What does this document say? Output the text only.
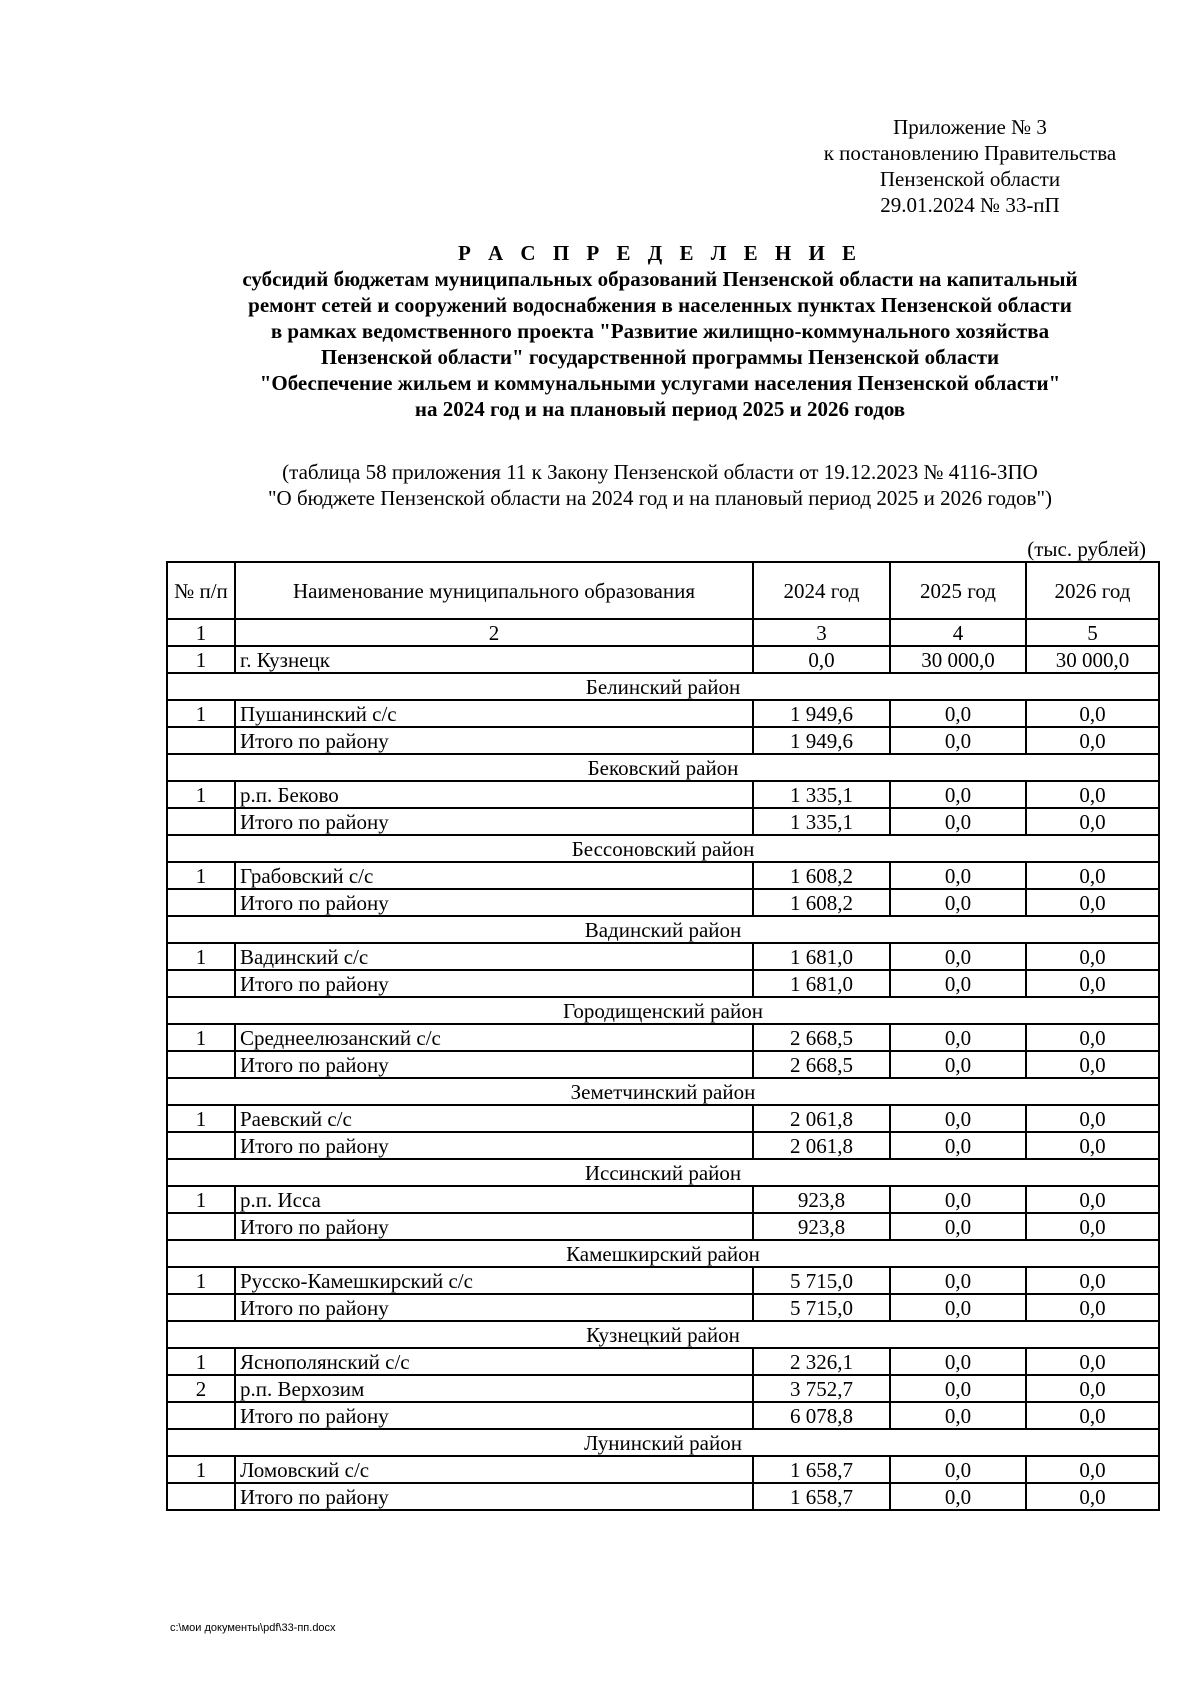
Приложение № 3
к постановлению Правительства
Пензенской области
29.01.2024 № 33-пП
Р А С П Р Е Д Е Л Е Н И Е
субсидий бюджетам муниципальных образований Пензенской области на капитальный
ремонт сетей и сооружений водоснабжения в населенных пунктах Пензенской области
в рамках ведомственного проекта "Развитие жилищно-коммунального хозяйства
Пензенской области" государственной программы Пензенской области
"Обеспечение жильем и коммунальными услугами населения Пензенской области"
на 2024 год и на плановый период 2025 и 2026 годов
(таблица 58 приложения 11 к Закону Пензенской области от 19.12.2023 № 4116-ЗПО
"О бюджете Пензенской области на 2024 год и на плановый период 2025 и 2026 годов")
(тыс. рублей)
№ п/п	Наименование муниципального образования	2024 год	2025 год	2026 год
1	2	3	4	5
1	г. Кузнецк	0,0	30 000,0	30 000,0
Белинский район				
1	Пушанинский с/с	1 949,6	0,0	0,0
	Итого по району	1 949,6	0,0	0,0
Бековский район				
1	р.п. Беково	1 335,1	0,0	0,0
	Итого по району	1 335,1	0,0	0,0
Бессоновский район				
1	Грабовский с/с	1 608,2	0,0	0,0
	Итого по району	1 608,2	0,0	0,0
Вадинский район				
1	Вадинский с/с	1 681,0	0,0	0,0
	Итого по району	1 681,0	0,0	0,0
Городищенский район				
1	Среднеелюзанский с/с	2 668,5	0,0	0,0
	Итого по району	2 668,5	0,0	0,0
Земетчинский район				
1	Раевский с/с	2 061,8	0,0	0,0
	Итого по району	2 061,8	0,0	0,0
Иссинский район				
1	р.п. Исса	923,8	0,0	0,0
	Итого по району	923,8	0,0	0,0
Камешкирский район				
1	Русско-Камешкирский с/с	5 715,0	0,0	0,0
	Итого по району	5 715,0	0,0	0,0
Кузнецкий район				
1	Яснополянский с/с	2 326,1	0,0	0,0
2	р.п. Верхозим	3 752,7	0,0	0,0
	Итого по району	6 078,8	0,0	0,0
Лунинский район				
1	Ломовский с/с	1 658,7	0,0	0,0
	Итого по району	1 658,7	0,0	0,0
c:\мои документы\pdf\33-пп.docx
